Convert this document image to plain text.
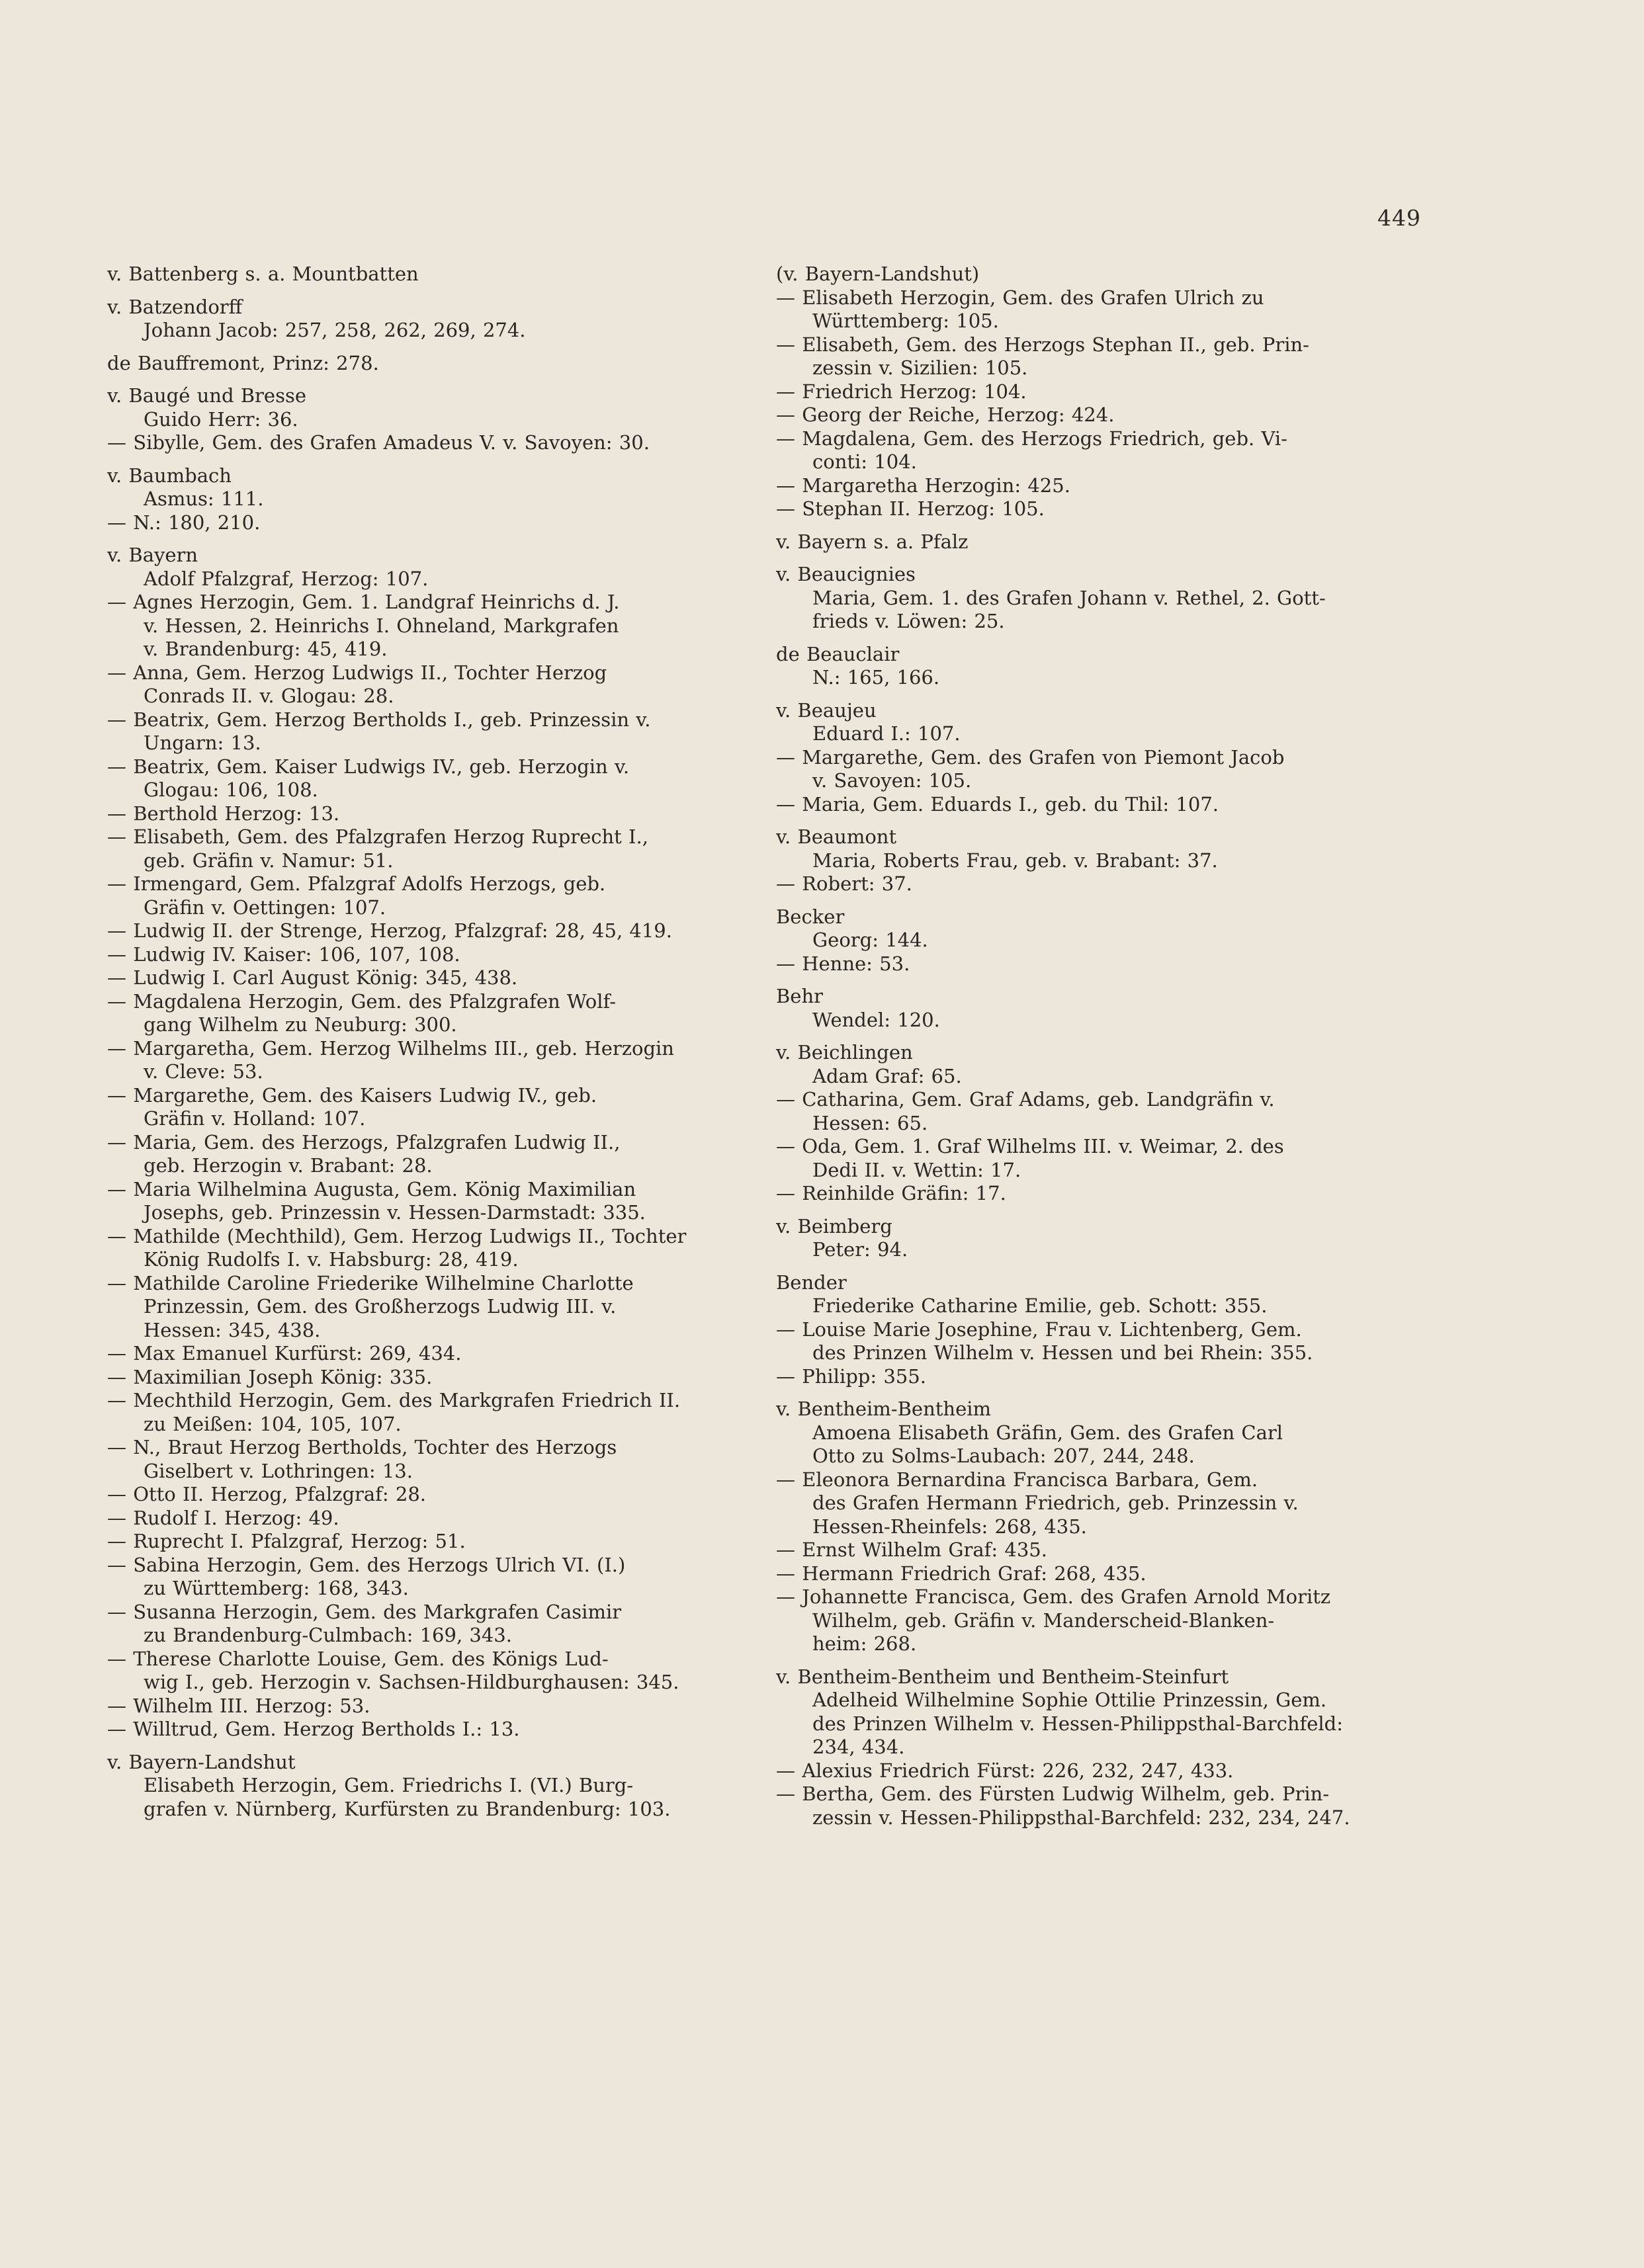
449
v. Battenberg s. a. Mountbatten
v. Batzendorff
Johann Jacob: 257, 258, 262, 269, 274.
de Bauffremont, Prinz: 278.
v. Baugé und Bresse
Guido Herr: 36.
— Sibylle, Gem. des Grafen Amadeus V. v. Savoyen: 30.
v. Baumbach
Asmus: 111.
— N.: 180, 210.
v. Bayern
Adolf Pfalzgraf, Herzog: 107.
— Agnes Herzogin, Gem. 1. Landgraf Heinrichs d. J.
v. Hessen, 2. Heinrichs I. Ohneland, Markgrafen
v. Brandenburg: 45, 419.
— Anna, Gem. Herzog Ludwigs II., Tochter Herzog
Conrads II. v. Glogau: 28.
— Beatrix, Gem. Herzog Bertholds I., geb. Prinzessin v.
Ungarn: 13.
— Beatrix, Gem. Kaiser Ludwigs IV., geb. Herzogin v.
Glogau: 106, 108.
— Berthold Herzog: 13.
— Elisabeth, Gem. des Pfalzgrafen Herzog Ruprecht I.,
geb. Gräfin v. Namur: 51.
— Irmengard, Gem. Pfalzgraf Adolfs Herzogs, geb.
Gräfin v. Oettingen: 107.
— Ludwig II. der Strenge, Herzog, Pfalzgraf: 28, 45, 419.
— Ludwig IV. Kaiser: 106, 107, 108.
— Ludwig I. Carl August König: 345, 438.
— Magdalena Herzogin, Gem. des Pfalzgrafen Wolf-
gang Wilhelm zu Neuburg: 300.
— Margaretha, Gem. Herzog Wilhelms III., geb. Herzogin
v. Cleve: 53.
— Margarethe, Gem. des Kaisers Ludwig IV., geb.
Gräfin v. Holland: 107.
— Maria, Gem. des Herzogs, Pfalzgrafen Ludwig II.,
geb. Herzogin v. Brabant: 28.
— Maria Wilhelmina Augusta, Gem. König Maximilian
Josephs, geb. Prinzessin v. Hessen-Darmstadt: 335.
— Mathilde (Mechthild), Gem. Herzog Ludwigs II., Tochter
König Rudolfs I. v. Habsburg: 28, 419.
— Mathilde Caroline Friederike Wilhelmine Charlotte
Prinzessin, Gem. des Großherzogs Ludwig III. v.
Hessen: 345, 438.
— Max Emanuel Kurfürst: 269, 434.
— Maximilian Joseph König: 335.
— Mechthild Herzogin, Gem. des Markgrafen Friedrich II.
zu Meißen: 104, 105, 107.
— N., Braut Herzog Bertholds, Tochter des Herzogs
Giselbert v. Lothringen: 13.
— Otto II. Herzog, Pfalzgraf: 28.
— Rudolf I. Herzog: 49.
— Ruprecht I. Pfalzgraf, Herzog: 51.
— Sabina Herzogin, Gem. des Herzogs Ulrich VI. (I.)
zu Württemberg: 168, 343.
— Susanna Herzogin, Gem. des Markgrafen Casimir
zu Brandenburg-Culmbach: 169, 343.
— Therese Charlotte Louise, Gem. des Königs Lud-
wig I., geb. Herzogin v. Sachsen-Hildburghausen: 345.
— Wilhelm III. Herzog: 53.
— Willtrud, Gem. Herzog Bertholds I.: 13.
v. Bayern-Landshut
Elisabeth Herzogin, Gem. Friedrichs I. (VI.) Burg-
grafen v. Nürnberg, Kurfürsten zu Brandenburg: 103.
(v. Bayern-Landshut)
— Elisabeth Herzogin, Gem. des Grafen Ulrich zu
Württemberg: 105.
— Elisabeth, Gem. des Herzogs Stephan II., geb. Prin-
zessin v. Sizilien: 105.
— Friedrich Herzog: 104.
— Georg der Reiche, Herzog: 424.
— Magdalena, Gem. des Herzogs Friedrich, geb. Vi-
conti: 104.
— Margaretha Herzogin: 425.
— Stephan II. Herzog: 105.
v. Bayern s. a. Pfalz
v. Beaucignies
Maria, Gem. 1. des Grafen Johann v. Rethel, 2. Gott-
frieds v. Löwen: 25.
de Beauclair
N.: 165, 166.
v. Beaujeu
Eduard I.: 107.
— Margarethe, Gem. des Grafen von Piemont Jacob
v. Savoyen: 105.
— Maria, Gem. Eduards I., geb. du Thil: 107.
v. Beaumont
Maria, Roberts Frau, geb. v. Brabant: 37.
— Robert: 37.
Becker
Georg: 144.
— Henne: 53.
Behr
Wendel: 120.
v. Beichlingen
Adam Graf: 65.
— Catharina, Gem. Graf Adams, geb. Landgräfin v.
Hessen: 65.
— Oda, Gem. 1. Graf Wilhelms III. v. Weimar, 2. des
Dedi II. v. Wettin: 17.
— Reinhilde Gräfin: 17.
v. Beimberg
Peter: 94.
Bender
Friederike Catharine Emilie, geb. Schott: 355.
— Louise Marie Josephine, Frau v. Lichtenberg, Gem.
des Prinzen Wilhelm v. Hessen und bei Rhein: 355.
— Philipp: 355.
v. Bentheim-Bentheim
Amoena Elisabeth Gräfin, Gem. des Grafen Carl
Otto zu Solms-Laubach: 207, 244, 248.
— Eleonora Bernardina Francisca Barbara, Gem.
des Grafen Hermann Friedrich, geb. Prinzessin v.
Hessen-Rheinfels: 268, 435.
— Ernst Wilhelm Graf: 435.
— Hermann Friedrich Graf: 268, 435.
— Johannette Francisca, Gem. des Grafen Arnold Moritz
Wilhelm, geb. Gräfin v. Manderscheid-Blanken-
heim: 268.
v. Bentheim-Bentheim und Bentheim-Steinfurt
Adelheid Wilhelmine Sophie Ottilie Prinzessin, Gem.
des Prinzen Wilhelm v. Hessen-Philippsthal-Barchfeld:
234, 434.
— Alexius Friedrich Fürst: 226, 232, 247, 433.
— Bertha, Gem. des Fürsten Ludwig Wilhelm, geb. Prin-
zessin v. Hessen-Philippsthal-Barchfeld: 232, 234, 247.
